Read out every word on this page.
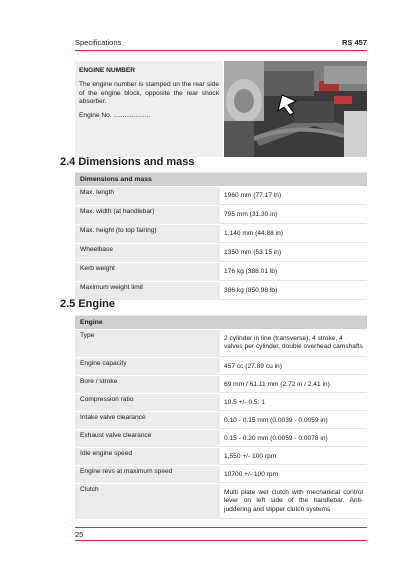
Specifications	RS 457
ENGINE NUMBER
The engine number is stamped on the rear side of the engine block, opposite the rear shock absorber.
Engine No. ....................
2.4 Dimensions and mass
Dimensions and mass
Max. length	1960 mm (77.17 in)
Max. width (at handlebar)	795 mm (31.30 in)
Max. height (to top fairing)	1,140 mm (44.88 in)
Wheelbase	1350 mm (53.15 in)
Kerb weight	176 kg (388.01 lb)
Maximum weight limit	386 kg (850.98 lb)
2.5 Engine
Engine
Type	2 cylinder in line (transverse), 4 stroke, 4 valves per cylinder, double overhead camshafts
Engine capacity	457 cc (27.89 cu in)
Bore / stroke	69 mm / 61.11 mm (2.72 in / 2.41 in)
Compression ratio	10.5 +/- 0.5: 1
Intake valve clearance	0.10 - 0.15 mm (0.0039 - 0.0059 in)
Exhaust valve clearance	0.15 - 0.20 mm (0.0059 - 0.0078 in)
Idle engine speed	1,550 +/- 100 rpm
Engine revs at maximum speed	10700 +/- 100 rpm
Clutch	Multi plate wet clutch with mechanical control lever on left side of the handlebar. Anti-juddering and slipper clutch systems
25
